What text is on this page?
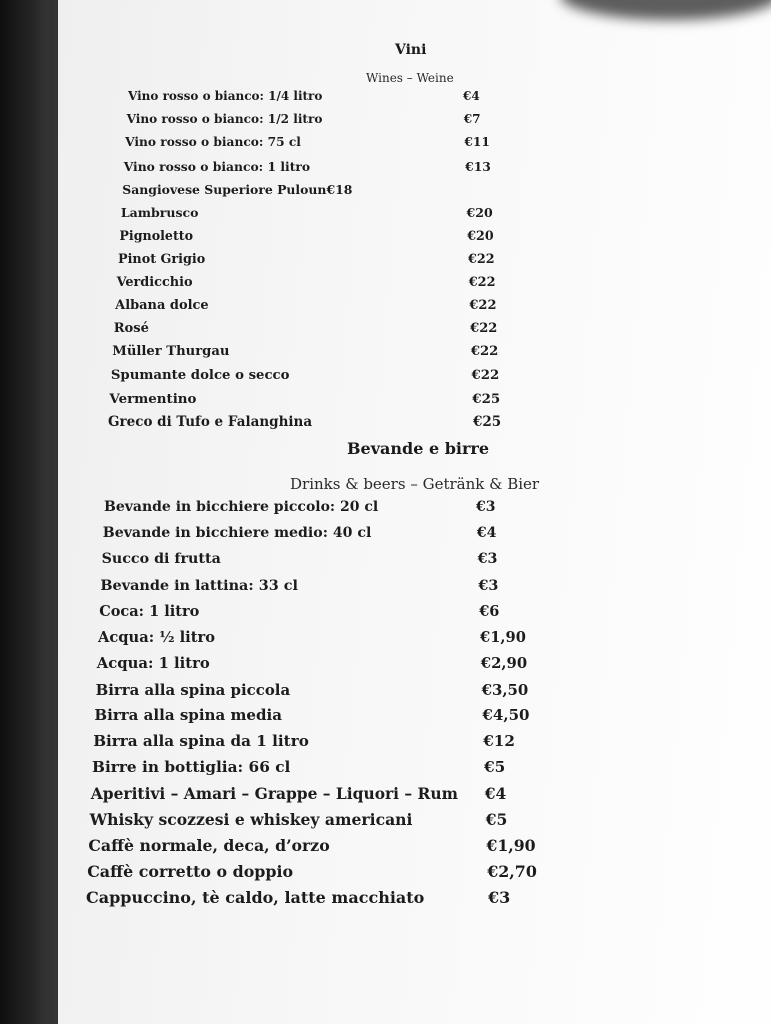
Vini
Wines – Weine
Vino rosso o bianco: 1/4 litro	€4
Vino rosso o bianco: 1/2 litro	€7
Vino rosso o bianco: 75 cl	€11
Vino rosso o bianco: 1 litro	€13
Sangiovese Superiore Puloun€18
Lambrusco	€20
Pignoletto	€20
Pinot Grigio	€22
Verdicchio	€22
Albana dolce	€22
Rosé	€22
Müller Thurgau	€22
Spumante dolce o secco	€22
Vermentino	€25
Greco di Tufo e Falanghina	€25
Bevande e birre
Drinks & beers – Getränk & Bier
Bevande in bicchiere piccolo: 20 cl	€3
Bevande in bicchiere medio: 40 cl	€4
Succo di frutta	€3
Bevande in lattina: 33 cl	€3
Coca: 1 litro	€6
Acqua: ½ litro	€1,90
Acqua: 1 litro	€2,90
Birra alla spina piccola	€3,50
Birra alla spina media	€4,50
Birra alla spina da 1 litro	€12
Birre in bottiglia: 66 cl	€5
Aperitivi – Amari – Grappe – Liquori – Rum €4
Whisky scozzesi e whiskey americani	€5
Caffè normale, deca, d’orzo	€1,90
Caffè corretto o doppio	€2,70
Cappuccino, tè caldo, latte macchiato	€3
